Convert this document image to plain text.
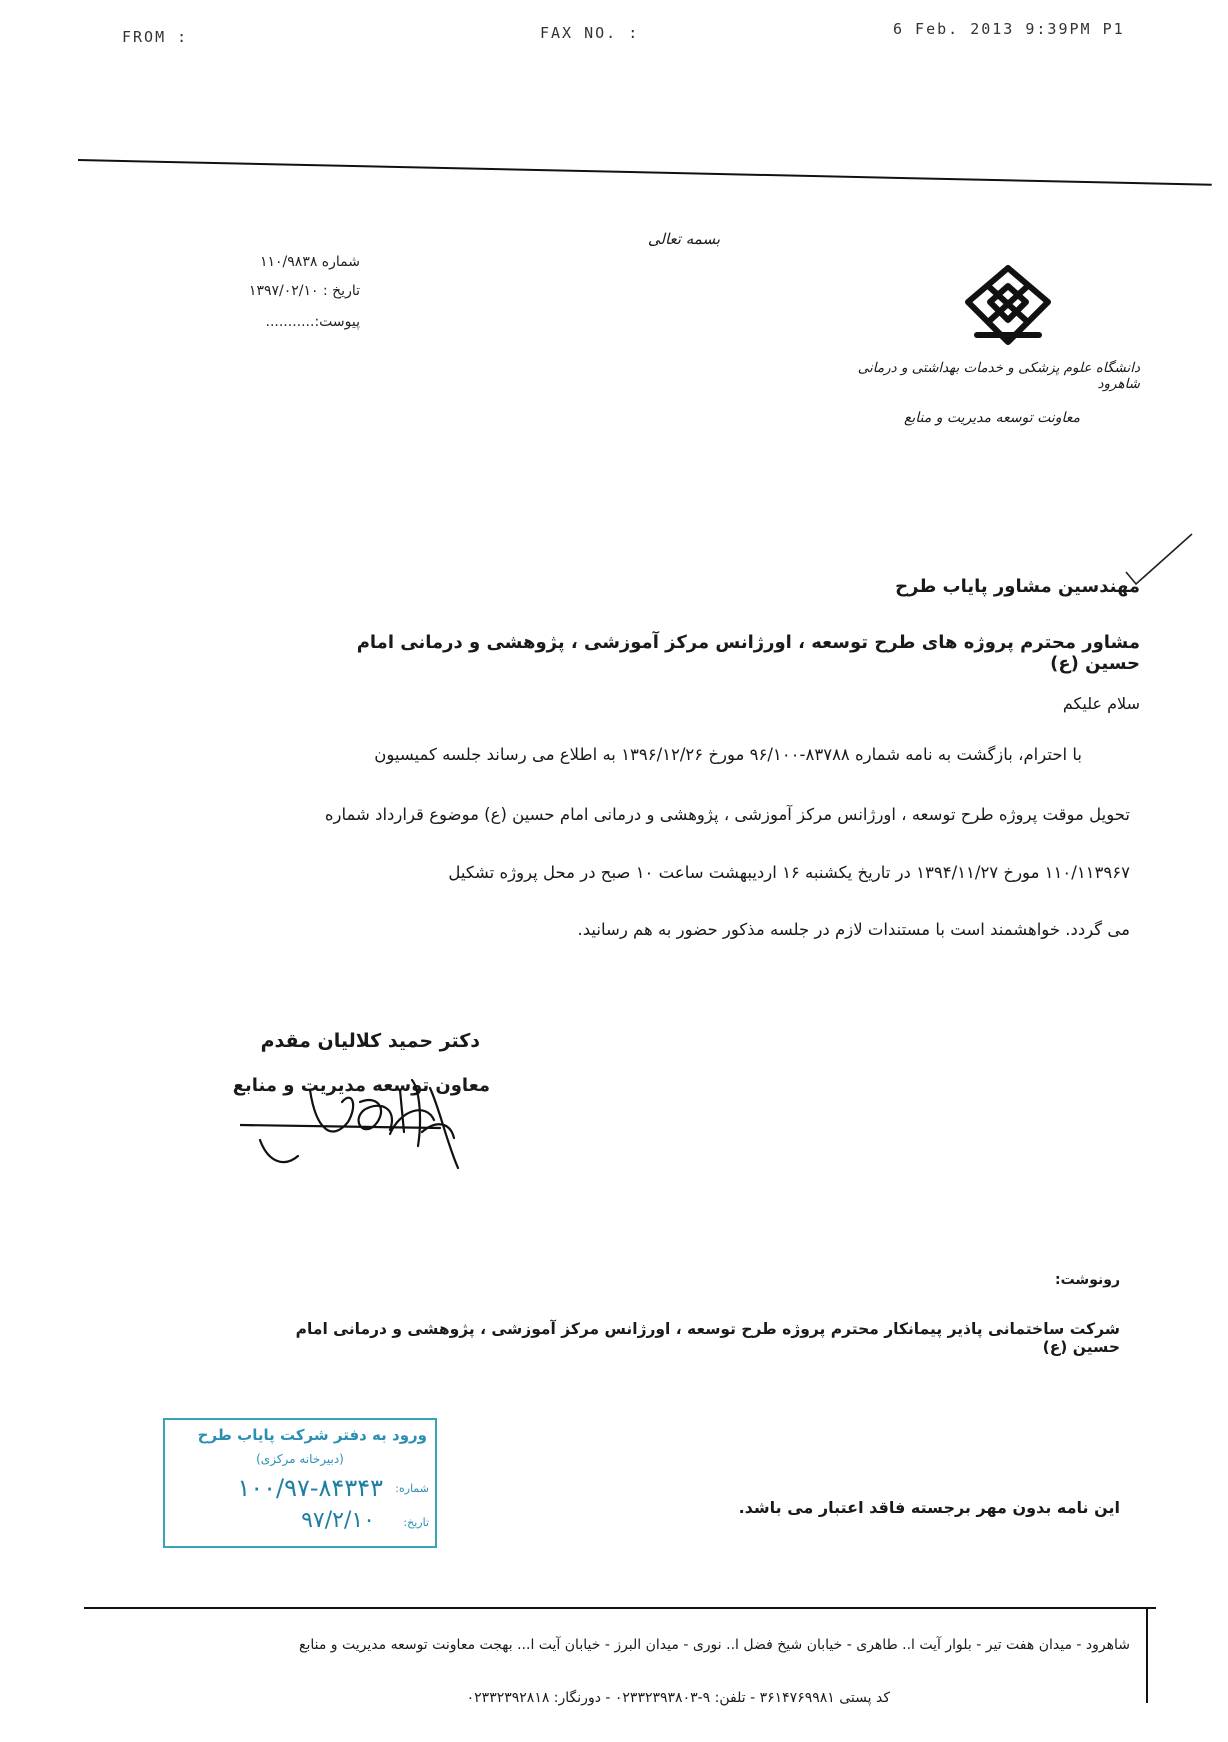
FROM :	FAX NO. :	6 Feb. 2013 9:39PM P1
بسمه تعالی
شماره ۱۱۰/۹۸۳۸
تاریخ : ۱۳۹۷/۰۲/۱۰
پیوست:...........
دانشگاه علوم پزشکی و خدمات بهداشتی و درمانی شاهرود
معاونت توسعه مدیریت و منابع
مهندسین مشاور پایاب طرح
مشاور محترم پروژه های طرح توسعه ، اورژانس مرکز آموزشی ، پژوهشی و درمانی امام حسین (ع)
سلام علیکم
با احترام، بازگشت به نامه شماره ۸۳۷۸۸-۹۶/۱۰۰ مورخ ۱۳۹۶/۱۲/۲۶ به اطلاع می رساند جلسه کمیسیون
تحویل موقت پروژه طرح توسعه ، اورژانس مرکز آموزشی ، پژوهشی و درمانی امام حسین (ع) موضوع قرارداد شماره
۱۱۰/۱۱۳۹۶۷ مورخ ۱۳۹۴/۱۱/۲۷ در تاریخ یکشنبه ۱۶ اردیبهشت ساعت ۱۰ صبح در محل پروژه تشکیل
می گردد. خواهشمند است با مستندات لازم در جلسه مذکور حضور به هم رسانید.
دکتر حمید کلالیان مقدم
معاون توسعه مدیریت و منابع
رونوشت:
شرکت ساختمانی پاذیر پیمانکار محترم پروژه طرح توسعه ، اورژانس مرکز آموزشی ، پژوهشی و درمانی امام حسین (ع)
ورود به دفتر شرکت پایاب طرح
(دبیرخانه مرکزی)
شماره:
۱۰۰/۹۷-۸۴۳۴۳
تاریخ:
۹۷/۲/۱۰
این نامه بدون مهر برجسته فاقد اعتبار می باشد.
شاهرود - میدان هفت تیر - بلوار آیت ا.. طاهری - خیابان شیخ فضل ا.. نوری - میدان البرز - خیابان آیت ا... بهجت معاونت توسعه مدیریت و منابع
کد پستی ۳۶۱۴۷۶۹۹۸۱ - تلفن: ۹-۰۲۳۳۲۳۹۳۸۰۳ - دورنگار: ۰۲۳۳۲۳۹۲۸۱۸
